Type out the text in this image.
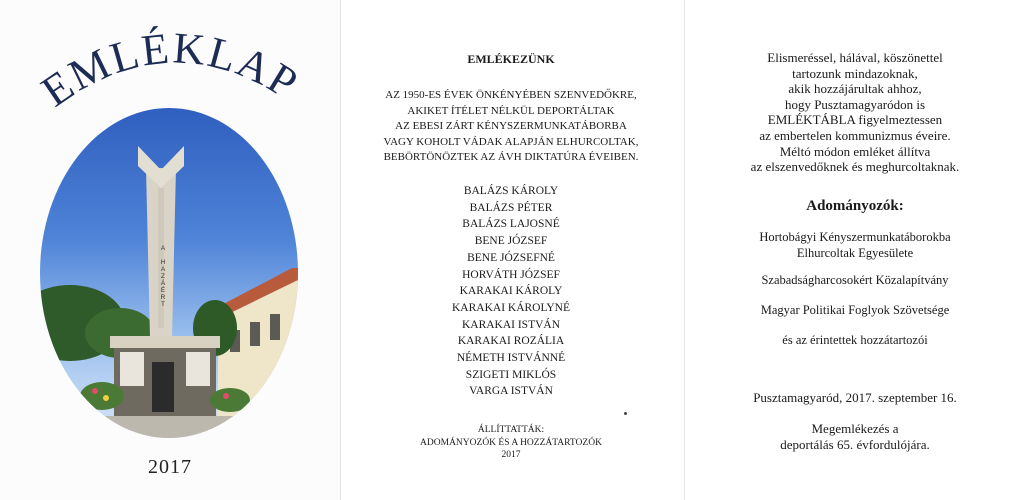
EMLÉKLAP
A HAZÁÉRT
2017
EMLÉKEZÜNK
AZ 1950-ES ÉVEK ÖNKÉNYÉBEN SZENVEDŐKRE,
AKIKET ÍTÉLET NÉLKÜL DEPORTÁLTAK
AZ EBESI ZÁRT KÉNYSZERMUNKATÁBORBA
VAGY KOHOLT VÁDAK ALAPJÁN ELHURCOLTAK,
BEBÖRTÖNÖZTEK AZ ÁVH DIKTATÚRA ÉVEIBEN.
BALÁZS KÁROLY
BALÁZS PÉTER
BALÁZS LAJOSNÉ
BENE JÓZSEF
BENE JÓZSEFNÉ
HORVÁTH JÓZSEF
KARAKAI KÁROLY
KARAKAI KÁROLYNÉ
KARAKAI ISTVÁN
KARAKAI ROZÁLIA
NÉMETH ISTVÁNNÉ
SZIGETI MIKLÓS
VARGA ISTVÁN
ÁLLÍTTATTÁK:
ADOMÁNYOZÓK ÉS A HOZZÁTARTOZÓK
2017
Elismeréssel, hálával, köszönettel
tartozunk mindazoknak,
akik hozzájárultak ahhoz,
hogy Pusztamagyaródon is
EMLÉKTÁBLA figyelmeztessen
az embertelen kommunizmus éveire.
Méltó módon emléket állítva
az elszenvedőknek és meghurcoltaknak.
Adományozók:
Hortobágyi Kényszermunkatáborokba
Elhurcoltak Egyesülete
Szabadságharcosokért Közalapítvány
Magyar Politikai Foglyok Szövetsége
és az érintettek hozzátartozói
Pusztamagyaród, 2017. szeptember 16.
Megemlékezés a
deportálás 65. évfordulójára.
